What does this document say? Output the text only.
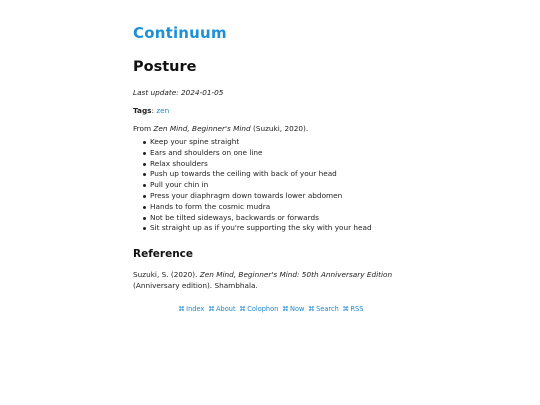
Continuum
Posture

Last update: 2024-01-05

Tags: zen

From Zen Mind, Beginner's Mind (Suzuki, 2020).

Keep your spine straight
Ears and shoulders on one line
Relax shoulders
Push up towards the ceiling with back of your head
Pull your chin in
Press your diaphragm down towards lower abdomen
Hands to form the cosmic mudra
Not be tilted sideways, backwards or forwards
Sit straight up as if you're supporting the sky with your head
Reference

Suzuki, S. (2020). Zen Mind, Beginner's Mind: 50th Anniversary Edition (Anniversary edition). Shambhala.

⌘ Index ⌘ About ⌘ Colophon ⌘ Now ⌘ Search ⌘ RSS
